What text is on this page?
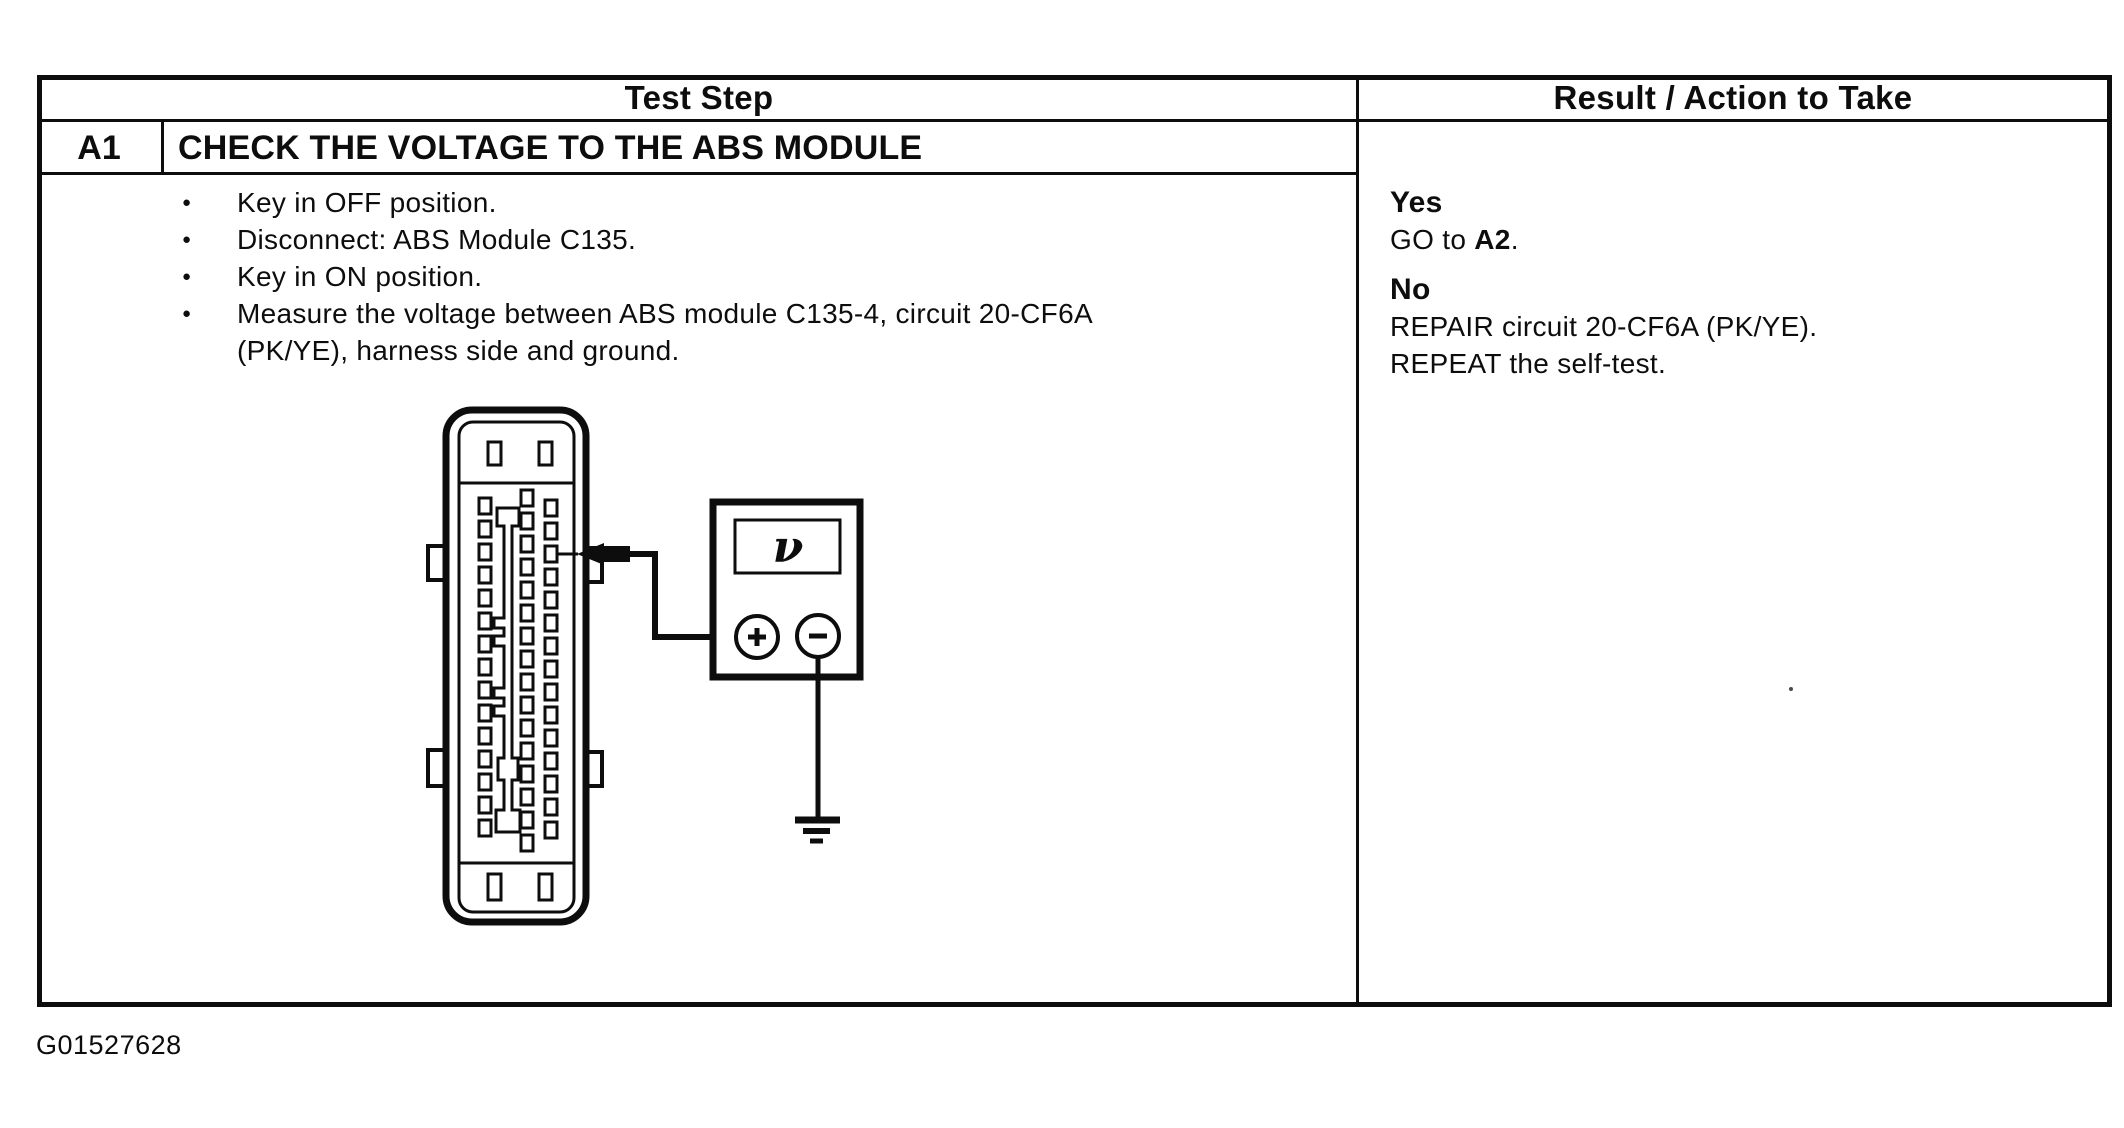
Test Step	Result / Action to Take
A1	CHECK THE VOLTAGE TO THE ABS MODULE
Key in OFF position.
Disconnect: ABS Module C135.
Key in ON position.
Measure the voltage between ABS module C135-4, circuit 20-CF6A (PK/YE), harness side and ground.
Yes
GO to A2.
No
REPAIR circuit 20-CF6A (PK/YE).
REPEAT the self-test.
ν
G01527628
